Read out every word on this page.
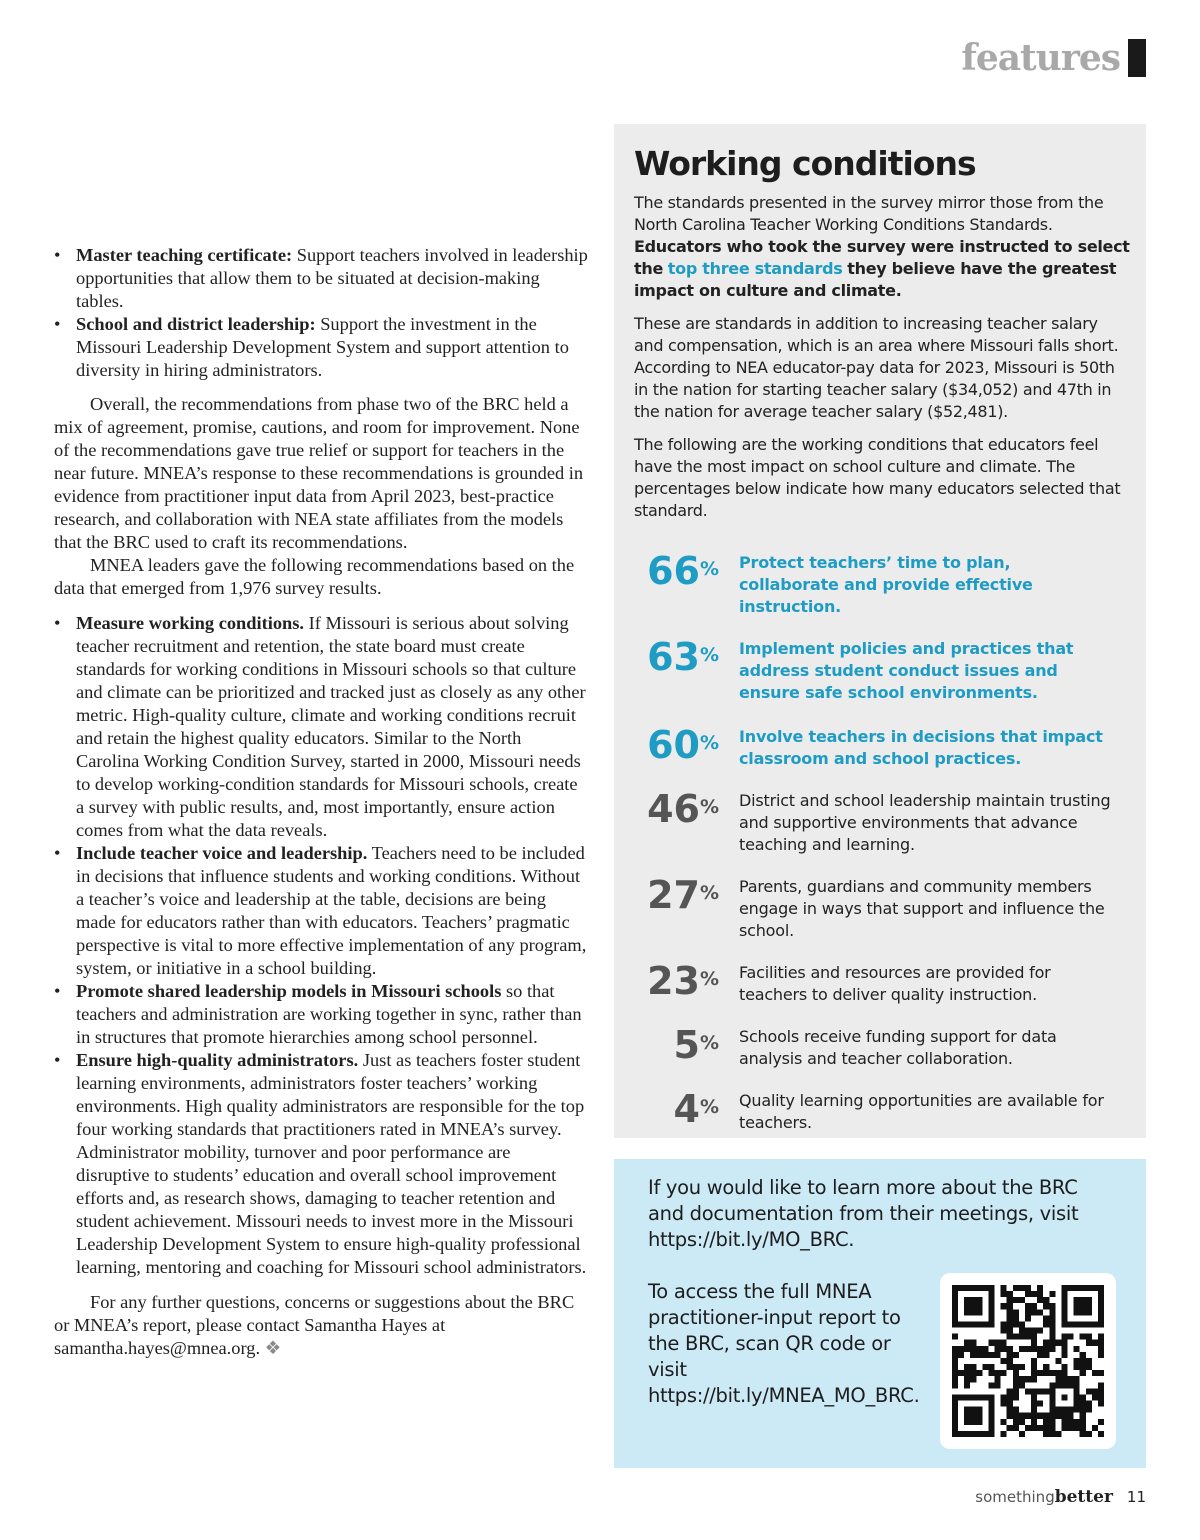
features
• Master teaching certificate: Support teachers involved in leadership opportunities that allow them to be situated at decision-making tables.
• School and district leadership: Support the investment in the Missouri Leadership Development System and support attention to diversity in hiring administrators.

Overall, the recommendations from phase two of the BRC held a mix of agreement, promise, cautions, and room for improvement. None of the recommendations gave true relief or support for teachers in the near future. MNEA’s response to these recommendations is grounded in evidence from practitioner input data from April 2023, best-practice research, and collaboration with NEA state affiliates from the models that the BRC used to craft its recommendations.

MNEA leaders gave the following recommendations based on the data that emerged from 1,976 survey results.

• Measure working conditions. If Missouri is serious about solving teacher recruitment and retention, the state board must create standards for working conditions in Missouri schools so that culture and climate can be prioritized and tracked just as closely as any other metric. High-quality culture, climate and working conditions recruit and retain the highest quality educators. Similar to the North Carolina Working Condition Survey, started in 2000, Missouri needs to develop working-condition standards for Missouri schools, create a survey with public results, and, most importantly, ensure action comes from what the data reveals.
• Include teacher voice and leadership. Teachers need to be included in decisions that influence students and working conditions. Without a teacher’s voice and leadership at the table, decisions are being made for educators rather than with educators. Teachers’ pragmatic perspective is vital to more effective implementation of any program, system, or initiative in a school building.
• Promote shared leadership models in Missouri schools so that teachers and administration are working together in sync, rather than in structures that promote hierarchies among school personnel.
• Ensure high-quality administrators. Just as teachers foster student learning environments, administrators foster teachers’ working environments. High quality administrators are responsible for the top four working standards that practitioners rated in MNEA’s survey. Administrator mobility, turnover and poor performance are disruptive to students’ education and overall school improvement efforts and, as research shows, damaging to teacher retention and student achievement. Missouri needs to invest more in the Missouri Leadership Development System to ensure high-quality professional learning, mentoring and coaching for Missouri school administrators.

For any further questions, concerns or suggestions about the BRC or MNEA’s report, please contact Samantha Hayes at samantha.hayes@mnea.org. ❖

Working conditions

The standards presented in the survey mirror those from the North Carolina Teacher Working Conditions Standards. Educators who took the survey were instructed to select the top three standards they believe have the greatest impact on culture and climate.

These are standards in addition to increasing teacher salary and compensation, which is an area where Missouri falls short. According to NEA educator-pay data for 2023, Missouri is 50th in the nation for starting teacher salary ($34,052) and 47th in the nation for average teacher salary ($52,481).

The following are the working conditions that educators feel have the most impact on school culture and climate. The percentages below indicate how many educators selected that standard.

66% Protect teachers’ time to plan, collaborate and provide effective instruction.
63% Implement policies and practices that address student conduct issues and ensure safe school environments.
60% Involve teachers in decisions that impact classroom and school practices.
46% District and school leadership maintain trusting and supportive environments that advance teaching and learning.
27% Parents, guardians and community members engage in ways that support and influence the school.
23% Facilities and resources are provided for teachers to deliver quality instruction.
5% Schools receive funding support for data analysis and teacher collaboration.
4% Quality learning opportunities are available for teachers.

If you would like to learn more about the BRC and documentation from their meetings, visit https://bit.ly/MO_BRC.

To access the full MNEA practitioner-input report to the BRC, scan QR code or visit https://bit.ly/MNEA_MO_BRC.

something better 11
